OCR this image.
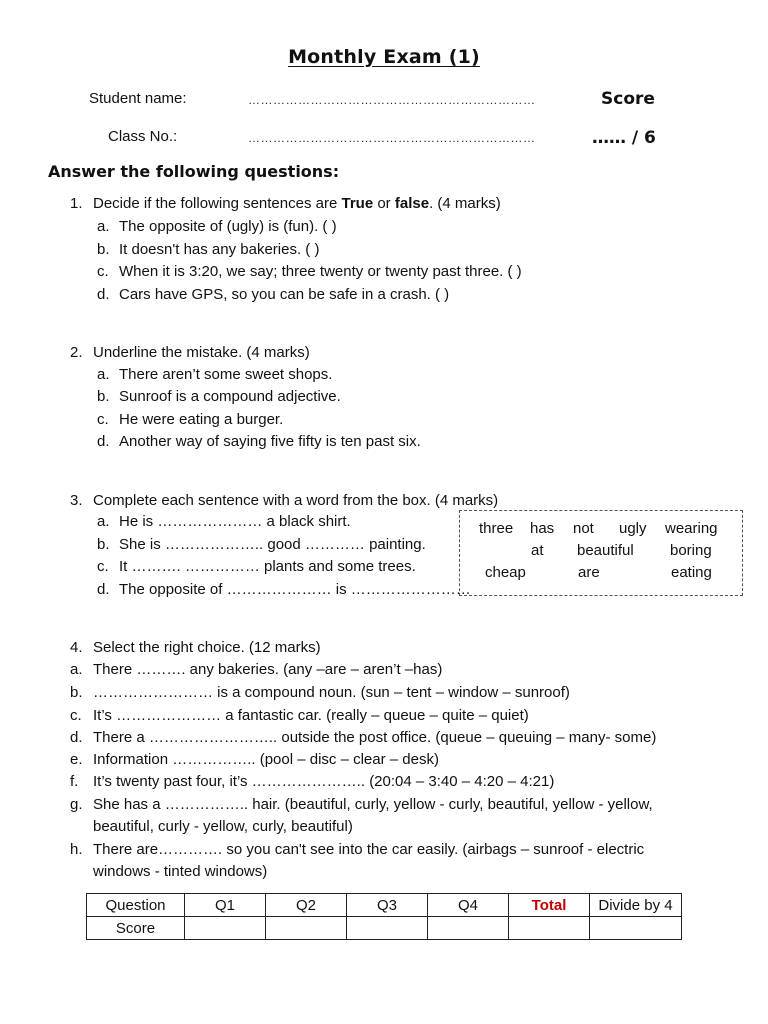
Monthly Exam (1)
Student name:	……………………………………………………………
Class No.:	……………………………………………………………
Score
…… / 6
Answer the following questions:
1. Decide if the following sentences are True or false. (4 marks)
a. The opposite of (ugly) is (fun). ( )
b. It doesn't has any bakeries. ( )
c. When it is 3:20, we say; three twenty or twenty past three. ( )
d. Cars have GPS, so you can be safe in a crash. ( )
2. Underline the mistake. (4 marks)
a. There aren’t some sweet shops.
b. Sunroof is a compound adjective.
c. He were eating a burger.
d. Another way of saying five fifty is ten past six.
3. Complete each sentence with a word from the box. (4 marks)
a. He is ………………… a black shirt.
b. She is ……………….. good ………… painting.
c. It ………. …………… plants and some trees.
d. The opposite of ………………… is ……………………
three has not ugly wearing
at beautiful boring
cheap	are	eating
4. Select the right choice. (12 marks)
a. There ………. any bakeries. (any –are – aren’t –has)
b. …………………… is a compound noun. (sun – tent – window – sunroof)
c. It’s ………………… a fantastic car. (really – queue – quite – quiet)
d. There a …………………….. outside the post office. (queue – queuing – many- some)
e. Information …………….. (pool – disc – clear – desk)
f. It’s twenty past four, it’s ………………….. (20:04 – 3:40 – 4:20 – 4:21)
g. She has a …………….. hair. (beautiful, curly, yellow - curly, beautiful, yellow - yellow,
beautiful, curly - yellow, curly, beautiful)
h. There are…………. so you can't see into the car easily. (airbags – sunroof - electric
windows - tinted windows)
Question	Q1	Q2	Q3	Q4	Total	Divide by 4
Score						
